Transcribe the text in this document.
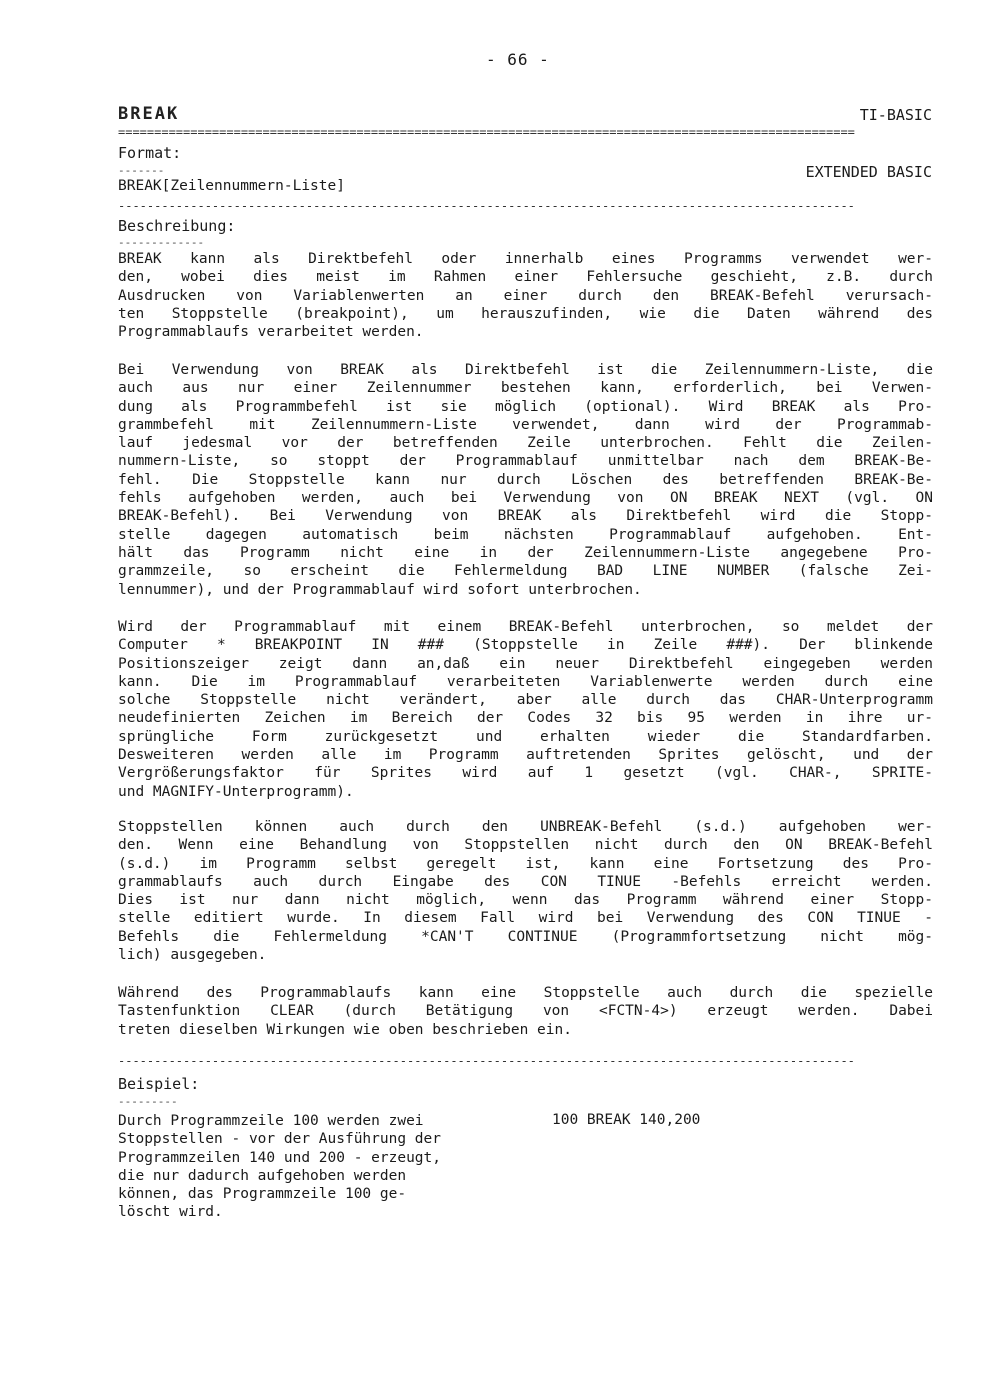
- 66 -

TI-BASIC

EXTENDED BASIC

BREAK
======================================================================================================
Format:
-------
BREAK[Zeilennummern-Liste]
------------------------------------------------------------------------------------------------------
Beschreibung:
-------------
BREAK kann als Direktbefehl oder innerhalb eines Programms verwendet wer-
den, wobei dies meist im Rahmen einer Fehlersuche geschieht, z.B. durch
Ausdrucken von Variablenwerten an einer durch den BREAK-Befehl verursach-
ten Stoppstelle (breakpoint), um herauszufinden, wie die Daten während des
Programmablaufs verarbeitet werden.
Bei Verwendung von BREAK als Direktbefehl ist die Zeilennummern-Liste, die
auch aus nur einer Zeilennummer bestehen kann, erforderlich, bei Verwen-
dung als Programmbefehl ist sie möglich (optional). Wird BREAK als Pro-
grammbefehl mit Zeilennummern-Liste verwendet, dann wird der Programmab-
lauf jedesmal vor der betreffenden Zeile unterbrochen. Fehlt die Zeilen-
nummern-Liste, so stoppt der Programmablauf unmittelbar nach dem BREAK-Be-
fehl. Die Stoppstelle kann nur durch Löschen des betreffenden BREAK-Be-
fehls aufgehoben werden, auch bei Verwendung von ON BREAK NEXT (vgl. ON
BREAK-Befehl). Bei Verwendung von BREAK als Direktbefehl wird die Stopp-
stelle dagegen automatisch beim nächsten Programmablauf aufgehoben. Ent-
hält das Programm nicht eine in der Zeilennummern-Liste angegebene Pro-
grammzeile, so erscheint die Fehlermeldung BAD LINE NUMBER (falsche Zei-
lennummer), und der Programmablauf wird sofort unterbrochen.
Wird der Programmablauf mit einem BREAK-Befehl unterbrochen, so meldet der
Computer * BREAKPOINT IN ### (Stoppstelle in Zeile ###). Der blinkende
Positionszeiger zeigt dann an,daß ein neuer Direktbefehl eingegeben werden
kann. Die im Programmablauf verarbeiteten Variablenwerte werden durch eine
solche Stoppstelle nicht verändert, aber alle durch das CHAR-Unterprogramm
neudefinierten Zeichen im Bereich der Codes 32 bis 95 werden in ihre ur-
sprüngliche Form zurückgesetzt und erhalten wieder die Standardfarben.
Desweiteren werden alle im Programm auftretenden Sprites gelöscht, und der
Vergrößerungsfaktor für Sprites wird auf 1 gesetzt (vgl. CHAR-, SPRITE-
und MAGNIFY-Unterprogramm).
Stoppstellen können auch durch den UNBREAK-Befehl (s.d.) aufgehoben wer-
den. Wenn eine Behandlung von Stoppstellen nicht durch den ON BREAK-Befehl
(s.d.) im Programm selbst geregelt ist, kann eine Fortsetzung des Pro-
grammablaufs auch durch Eingabe des CON TINUE -Befehls erreicht werden.
Dies ist nur dann nicht möglich, wenn das Programm während einer Stopp-
stelle editiert wurde. In diesem Fall wird bei Verwendung des CON TINUE -
Befehls die Fehlermeldung *CAN'T CONTINUE (Programmfortsetzung nicht mög-
lich) ausgegeben.
Während des Programmablaufs kann eine Stoppstelle auch durch die spezielle
Tastenfunktion CLEAR (durch Betätigung von <FCTN-4>) erzeugt werden. Dabei
treten dieselben Wirkungen wie oben beschrieben ein.
------------------------------------------------------------------------------------------------------
Beispiel:
---------
Durch Programmzeile 100 werden zwei
Stoppstellen - vor der Ausführung der
Programmzeilen 140 und 200 - erzeugt,
die nur dadurch aufgehoben werden
können, das Programmzeile 100 ge-
löscht wird.
100 BREAK 140,200
